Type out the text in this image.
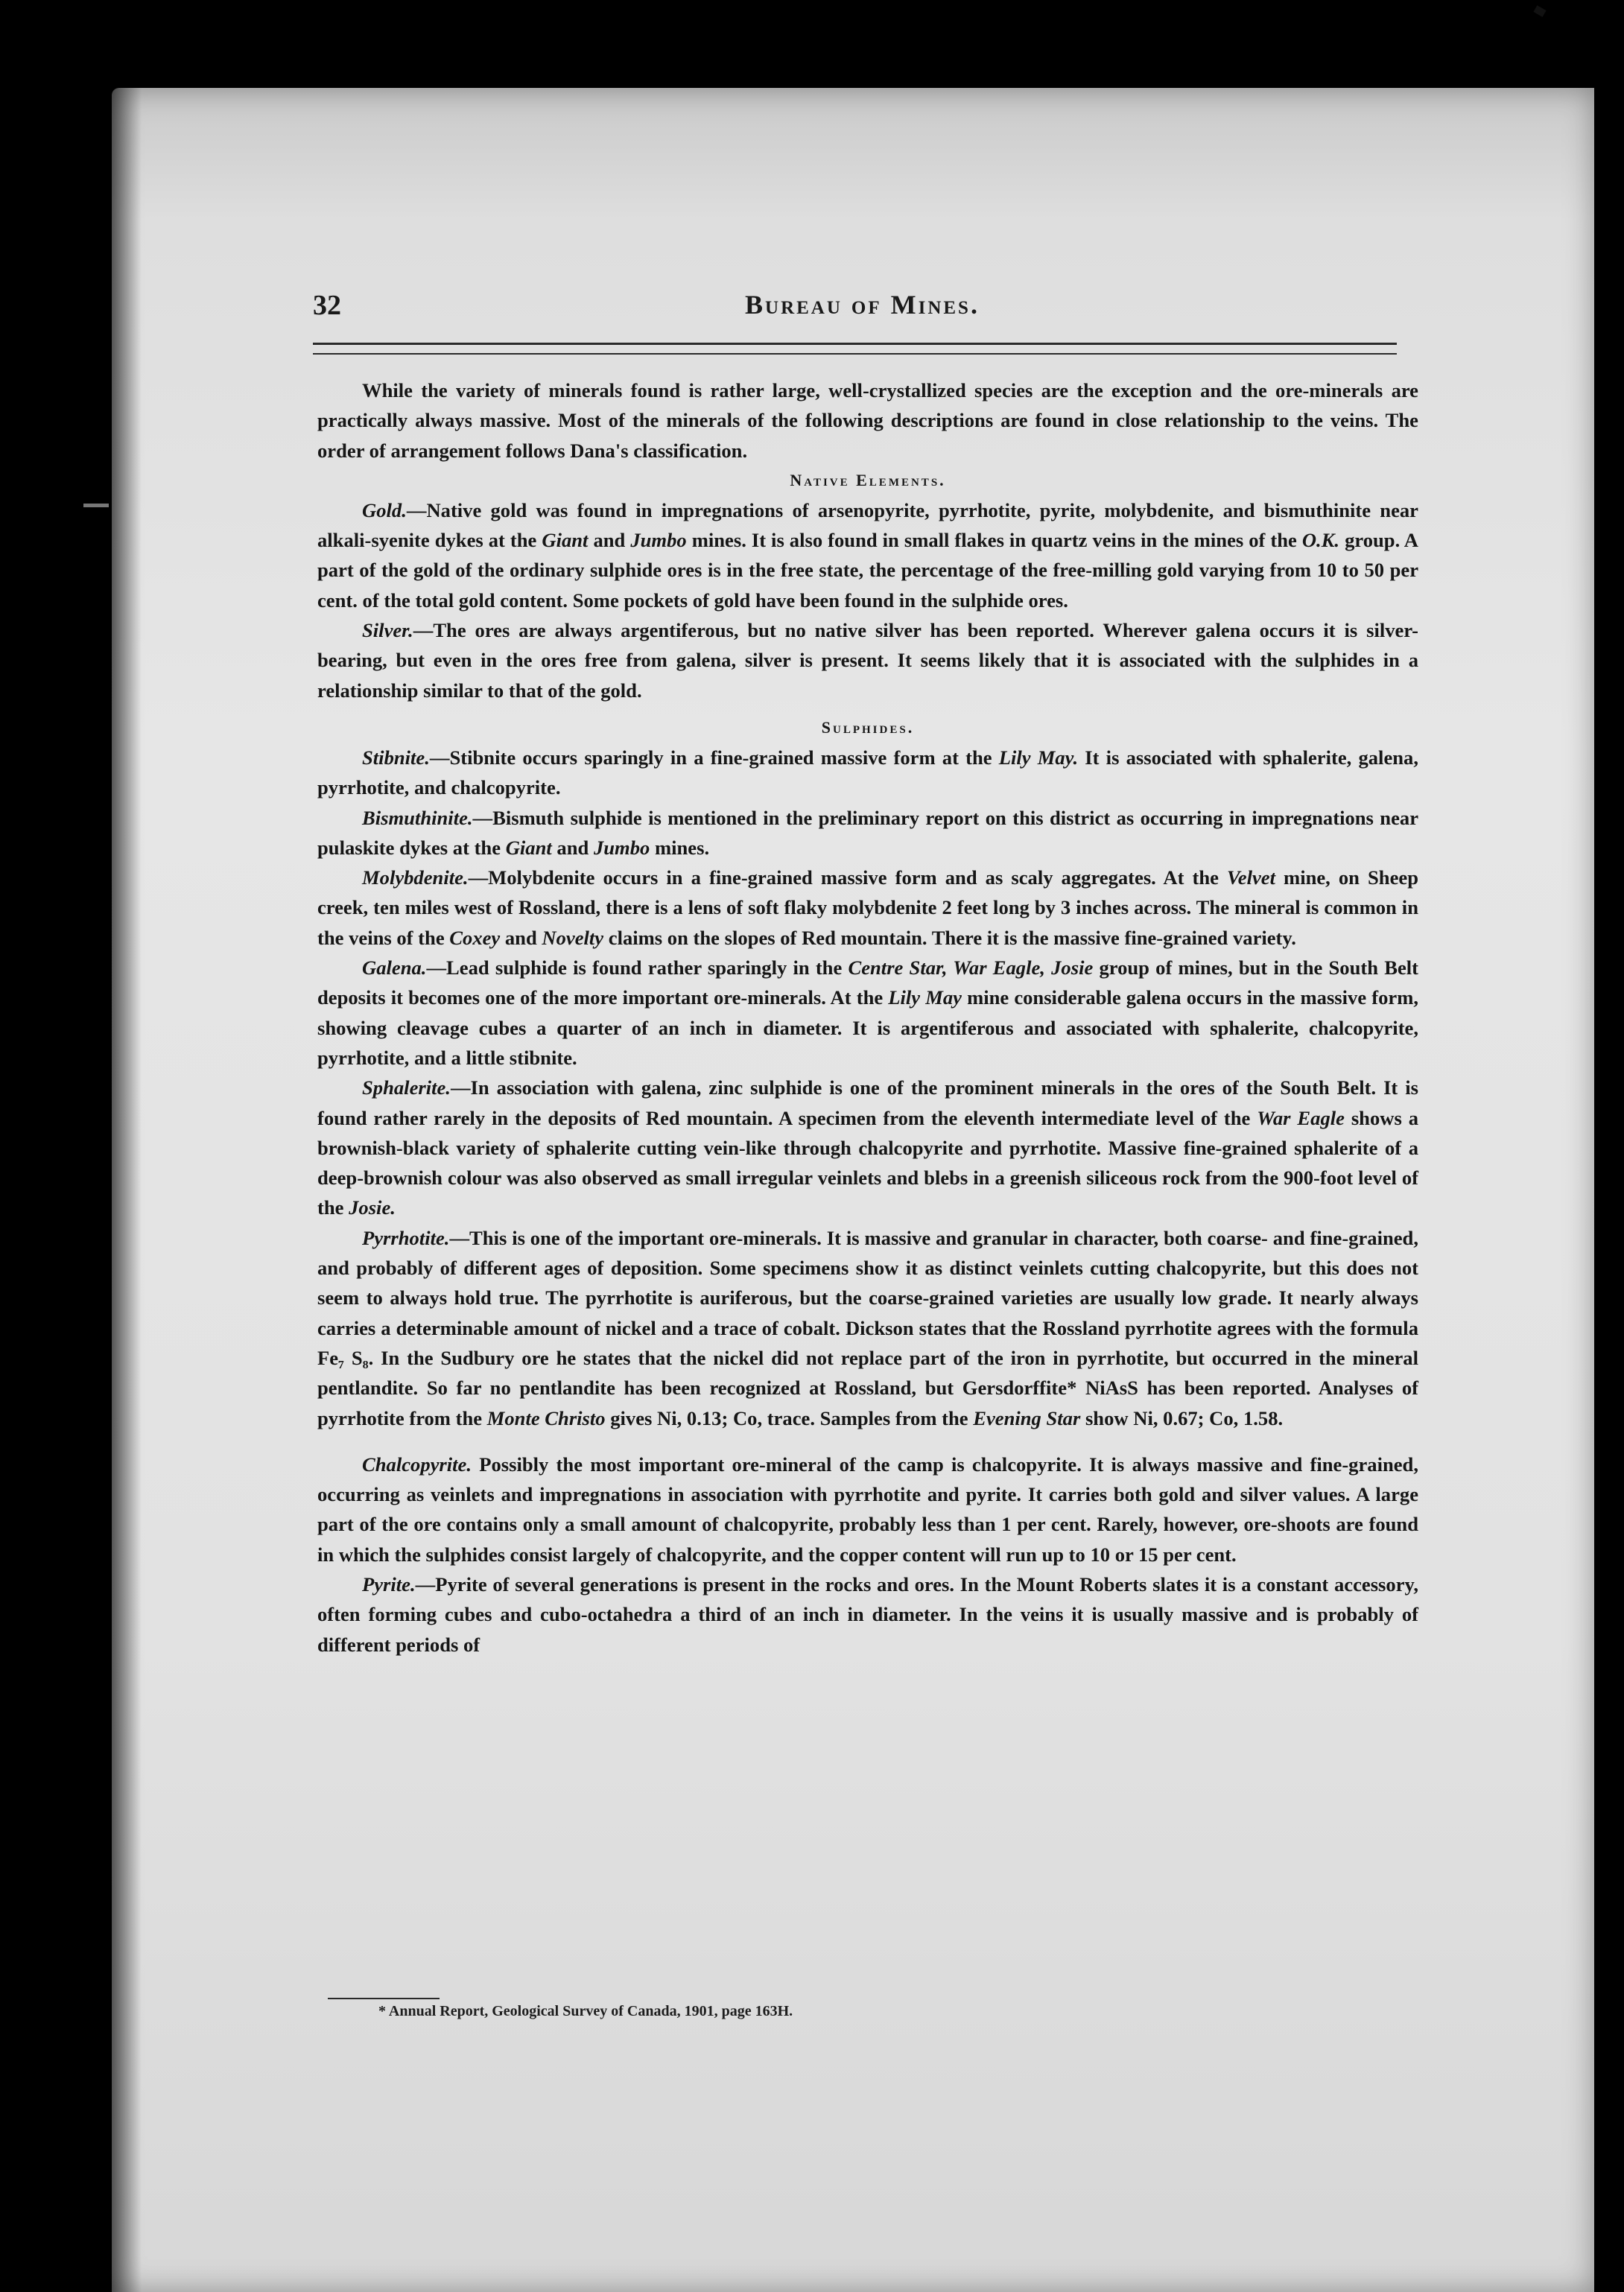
32	Bureau of Mines.

While the variety of minerals found is rather large, well-crystallized species are the exception and the ore-minerals are practically always massive. Most of the minerals of the following descriptions are found in close relationship to the veins. The order of arrangement follows Dana's classification.

Native Elements.

Gold.—Native gold was found in impregnations of arsenopyrite, pyrrhotite, pyrite, molybdenite, and bismuthinite near alkali-syenite dykes at the Giant and Jumbo mines. It is also found in small flakes in quartz veins in the mines of the O.K. group. A part of the gold of the ordinary sulphide ores is in the free state, the percentage of the free-milling gold varying from 10 to 50 per cent. of the total gold content. Some pockets of gold have been found in the sulphide ores.

Silver.—The ores are always argentiferous, but no native silver has been reported. Wherever galena occurs it is silver-bearing, but even in the ores free from galena, silver is present. It seems likely that it is associated with the sulphides in a relationship similar to that of the gold.

Sulphides.

Stibnite.—Stibnite occurs sparingly in a fine-grained massive form at the Lily May. It is associated with sphalerite, galena, pyrrhotite, and chalcopyrite.

Bismuthinite.—Bismuth sulphide is mentioned in the preliminary report on this district as occurring in impregnations near pulaskite dykes at the Giant and Jumbo mines.

Molybdenite.—Molybdenite occurs in a fine-grained massive form and as scaly aggregates. At the Velvet mine, on Sheep creek, ten miles west of Rossland, there is a lens of soft flaky molybdenite 2 feet long by 3 inches across. The mineral is common in the veins of the Coxey and Novelty claims on the slopes of Red mountain. There it is the massive fine-grained variety.

Galena.—Lead sulphide is found rather sparingly in the Centre Star, War Eagle, Josie group of mines, but in the South Belt deposits it becomes one of the more important ore-minerals. At the Lily May mine considerable galena occurs in the massive form, showing cleavage cubes a quarter of an inch in diameter. It is argentiferous and associated with sphalerite, chalcopyrite, pyrrhotite, and a little stibnite.

Sphalerite.—In association with galena, zinc sulphide is one of the prominent minerals in the ores of the South Belt. It is found rather rarely in the deposits of Red mountain. A specimen from the eleventh intermediate level of the War Eagle shows a brownish-black variety of sphalerite cutting vein-like through chalcopyrite and pyrrhotite. Massive fine-grained sphalerite of a deep-brownish colour was also observed as small irregular veinlets and blebs in a greenish siliceous rock from the 900-foot level of the Josie.

Pyrrhotite.—This is one of the important ore-minerals. It is massive and granular in character, both coarse- and fine-grained, and probably of different ages of deposition. Some specimens show it as distinct veinlets cutting chalcopyrite, but this does not seem to always hold true. The pyrrhotite is auriferous, but the coarse-grained varieties are usually low grade. It nearly always carries a determinable amount of nickel and a trace of cobalt. Dickson states that the Rossland pyrrhotite agrees with the formula Fe₇ S₈. In the Sudbury ore he states that the nickel did not replace part of the iron in pyrrhotite, but occurred in the mineral pentlandite. So far no pentlandite has been recognized at Rossland, but Gersdorffite* NiAsS has been reported. Analyses of pyrrhotite from the Monte Christo gives Ni, 0.13; Co, trace. Samples from the Evening Star show Ni, 0.67; Co, 1.58.

Chalcopyrite. Possibly the most important ore-mineral of the camp is chalcopyrite. It is always massive and fine-grained, occurring as veinlets and impregnations in association with pyrrhotite and pyrite. It carries both gold and silver values. A large part of the ore contains only a small amount of chalcopyrite, probably less than 1 per cent. Rarely, however, ore-shoots are found in which the sulphides consist largely of chalcopyrite, and the copper content will run up to 10 or 15 per cent.

Pyrite.—Pyrite of several generations is present in the rocks and ores. In the Mount Roberts slates it is a constant accessory, often forming cubes and cubo-octahedra a third of an inch in diameter. In the veins it is usually massive and is probably of different periods of

* Annual Report, Geological Survey of Canada, 1901, page 163H.
